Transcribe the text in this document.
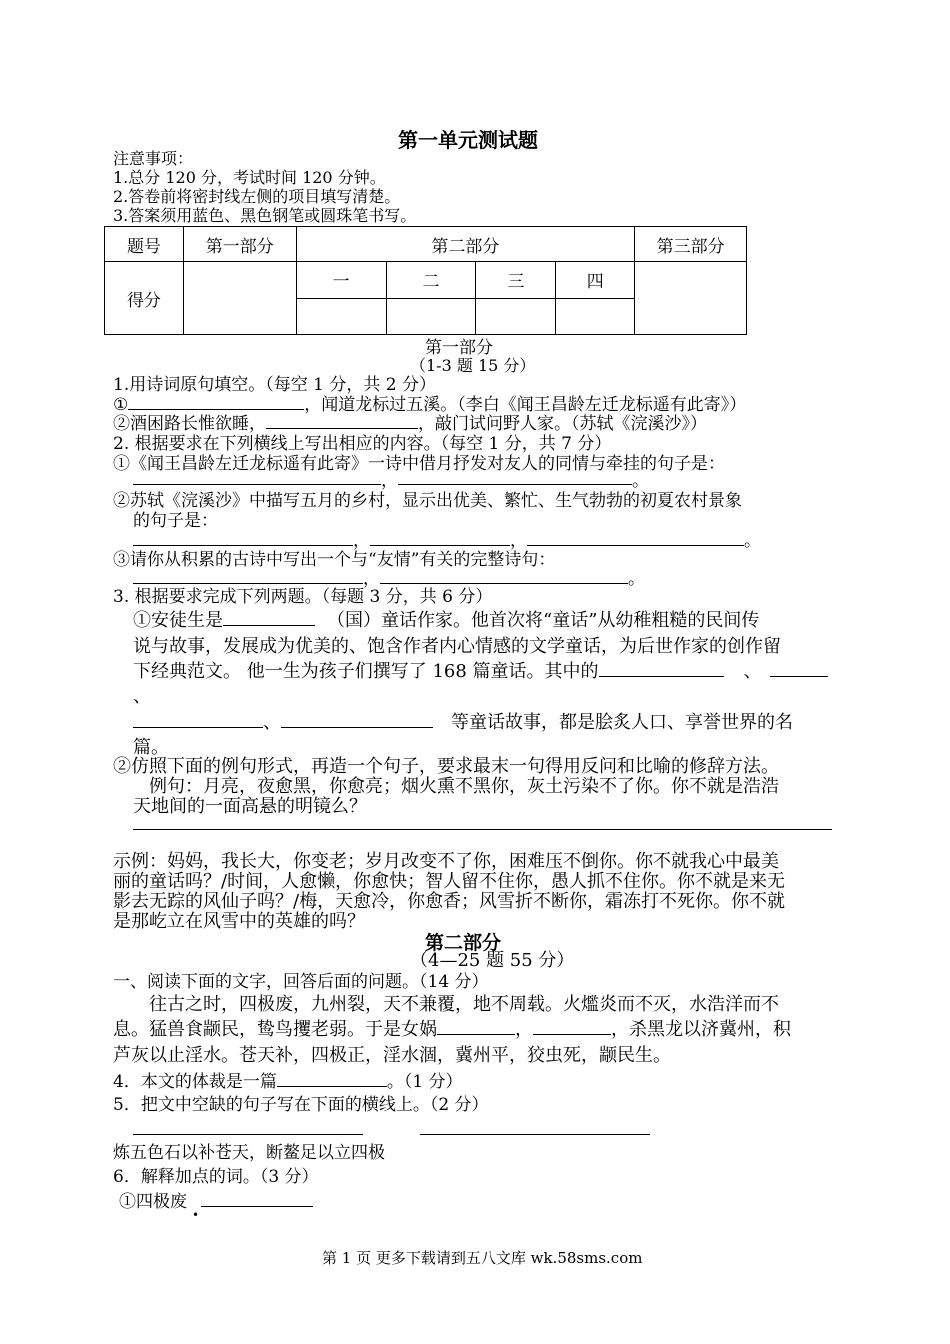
第一单元测试题
注意事项：
1.总分 120 分，考试时间 120 分钟。
2.答卷前将密封线左侧的项目填写清楚。
3.答案须用蓝色、黑色钢笔或圆珠笔书写。
题号	第一部分	第二部分				第三部分
得分		一	二	三	四	

第一部分
（1-3 题 15 分）
1.用诗词原句填空。（每空 1 分，共 2 分）
①	，闻道龙标过五溪。（李白《闻王昌龄左迁龙标遥有此寄》）
②酒困路长惟欲睡，	，敲门试问野人家。（苏轼《浣溪沙》）
2. 根据要求在下列横线上写出相应的内容。（每空 1 分，共 7 分）
①《闻王昌龄左迁龙标遥有此寄》一诗中借月抒发对友人的同情与牵挂的句子是：
，	。
②苏轼《浣溪沙》中描写五月的乡村，显示出优美、繁忙、生气勃勃的初夏农村景象
的句子是：
，	，	。
③请你从积累的古诗中写出一个与“友情”有关的完整诗句：
，	。
3. 根据要求完成下列两题。（每题 3 分，共 6 分）
①安徒生是	（国）童话作家。他首次将“童话”从幼稚粗糙的民间传
说与故事，发展成为优美的、饱含作者内心情感的文学童话，为后世作家的创作留
下经典范文。 他一生为孩子们撰写了 168 篇童话。其中的	、
、
、	等童话故事，都是脍炙人口、享誉世界的名
篇。
②仿照下面的例句形式，再造一个句子，要求最末一句得用反问和比喻的修辞方法。
例句：月亮，夜愈黑，你愈亮；烟火熏不黑你，灰土污染不了你。你不就是浩浩
天地间的一面高悬的明镜么？
示例：妈妈，我长大，你变老；岁月改变不了你，困难压不倒你。你不就我心中最美
丽的童话吗？/时间，人愈懒，你愈快；智人留不住你，愚人抓不住你。你不就是来无
影去无踪的风仙子吗？/梅，天愈冷，你愈香；风雪折不断你，霜冻打不死你。你不就
是那屹立在风雪中的英雄的吗？
第二部分
（4—25 题 55 分）
一、阅读下面的文字，回答后面的问题。（14 分）
往古之时，四极废，九州裂，天不兼覆，地不周载。火爁炎而不灭，水浩洋而不
息。猛兽食颛民，鸷鸟攫老弱。于是女娲	，	，杀黑龙以济冀州，积
芦灰以止淫水。苍天补，四极正，淫水涸，冀州平，狡虫死，颛民生。
4．本文的体裁是一篇	。（1 分）
5．把文中空缺的句子写在下面的横线上。（2 分）
炼五色石以补苍天，断鳌足以立四极
6．解释加点的词。（3 分）
①四极废
•
第 1 页 更多下载请到五八文库 wk.58sms.com
